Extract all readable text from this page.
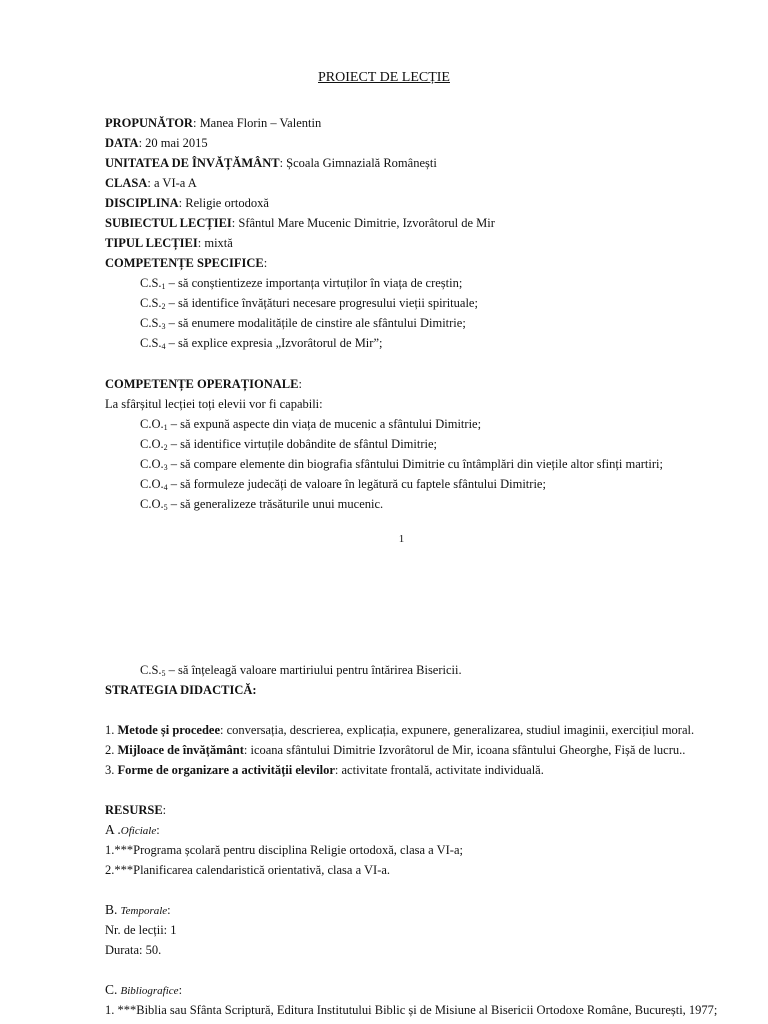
PROIECT DE LECȚIE
PROPUNĂTOR: Manea Florin – Valentin
DATA: 20 mai 2015
UNITATEA DE ÎNVĂȚĂMÂNT: Școala Gimnazială Românești
CLASA: a VI-a A
DISCIPLINA: Religie ortodoxă
SUBIECTUL LECȚIEI: Sfântul Mare Mucenic Dimitrie, Izvorâtorul de Mir
TIPUL LECȚIEI: mixtă
COMPETENȚE SPECIFICE:
$C.S._1$ – să conștientizeze importanța virtuților în viața de creștin;
$C.S._2$ – să identifice învățături necesare progresului vieții spirituale;
$C.S._3$ – să enumere modalitățile de cinstire ale sfântului Dimitrie;
$C.S._4$ – să explice expresia „Izvorâtorul de Mir”;
COMPETENȚE OPERAȚIONALE:
La sfârșitul lecției toți elevii vor fi capabili:
$C.O._1$ – să expună aspecte din viața de mucenic a sfântului Dimitrie;
$C.O._2$ – să identifice virtuțile dobândite de sfântul Dimitrie;
$C.O._3$ – să compare elemente din biografia sfântului Dimitrie cu întâmplări din viețile altor sfinți martiri;
$C.O._4$ – să formuleze judecăți de valoare în legătură cu faptele sfântului Dimitrie;
$C.O._5$ – să generalizeze trăsăturile unui mucenic.
1
$C.S._5$ – să înțeleagă valoare martiriului pentru întărirea Bisericii.
STRATEGIA DIDACTICĂ:
1. Metode și procedee: conversația, descrierea, explicația, expunere, generalizarea, studiul imaginii, exercițiul moral.
2. Mijloace de învățământ: icoana sfântului Dimitrie Izvorâtorul de Mir, icoana sfântului Gheorghe, Fișă de lucru..
3. Forme de organizare a activității elevilor: activitate frontală, activitate individuală.
RESURSE:
A .Oficiale:
1.***Programa școlară pentru disciplina Religie ortodoxă, clasa a VI-a;
2.***Planificarea calendaristică orientativă, clasa a VI-a.
B. Temporale:
Nr. de lecții: 1
Durata: 50.
C. Bibliografice:
1. ***Biblia sau Sfânta Scriptură, Editura Institutului Biblic și de Misiune al Bisericii Ortodoxe Române, București, 1977;
